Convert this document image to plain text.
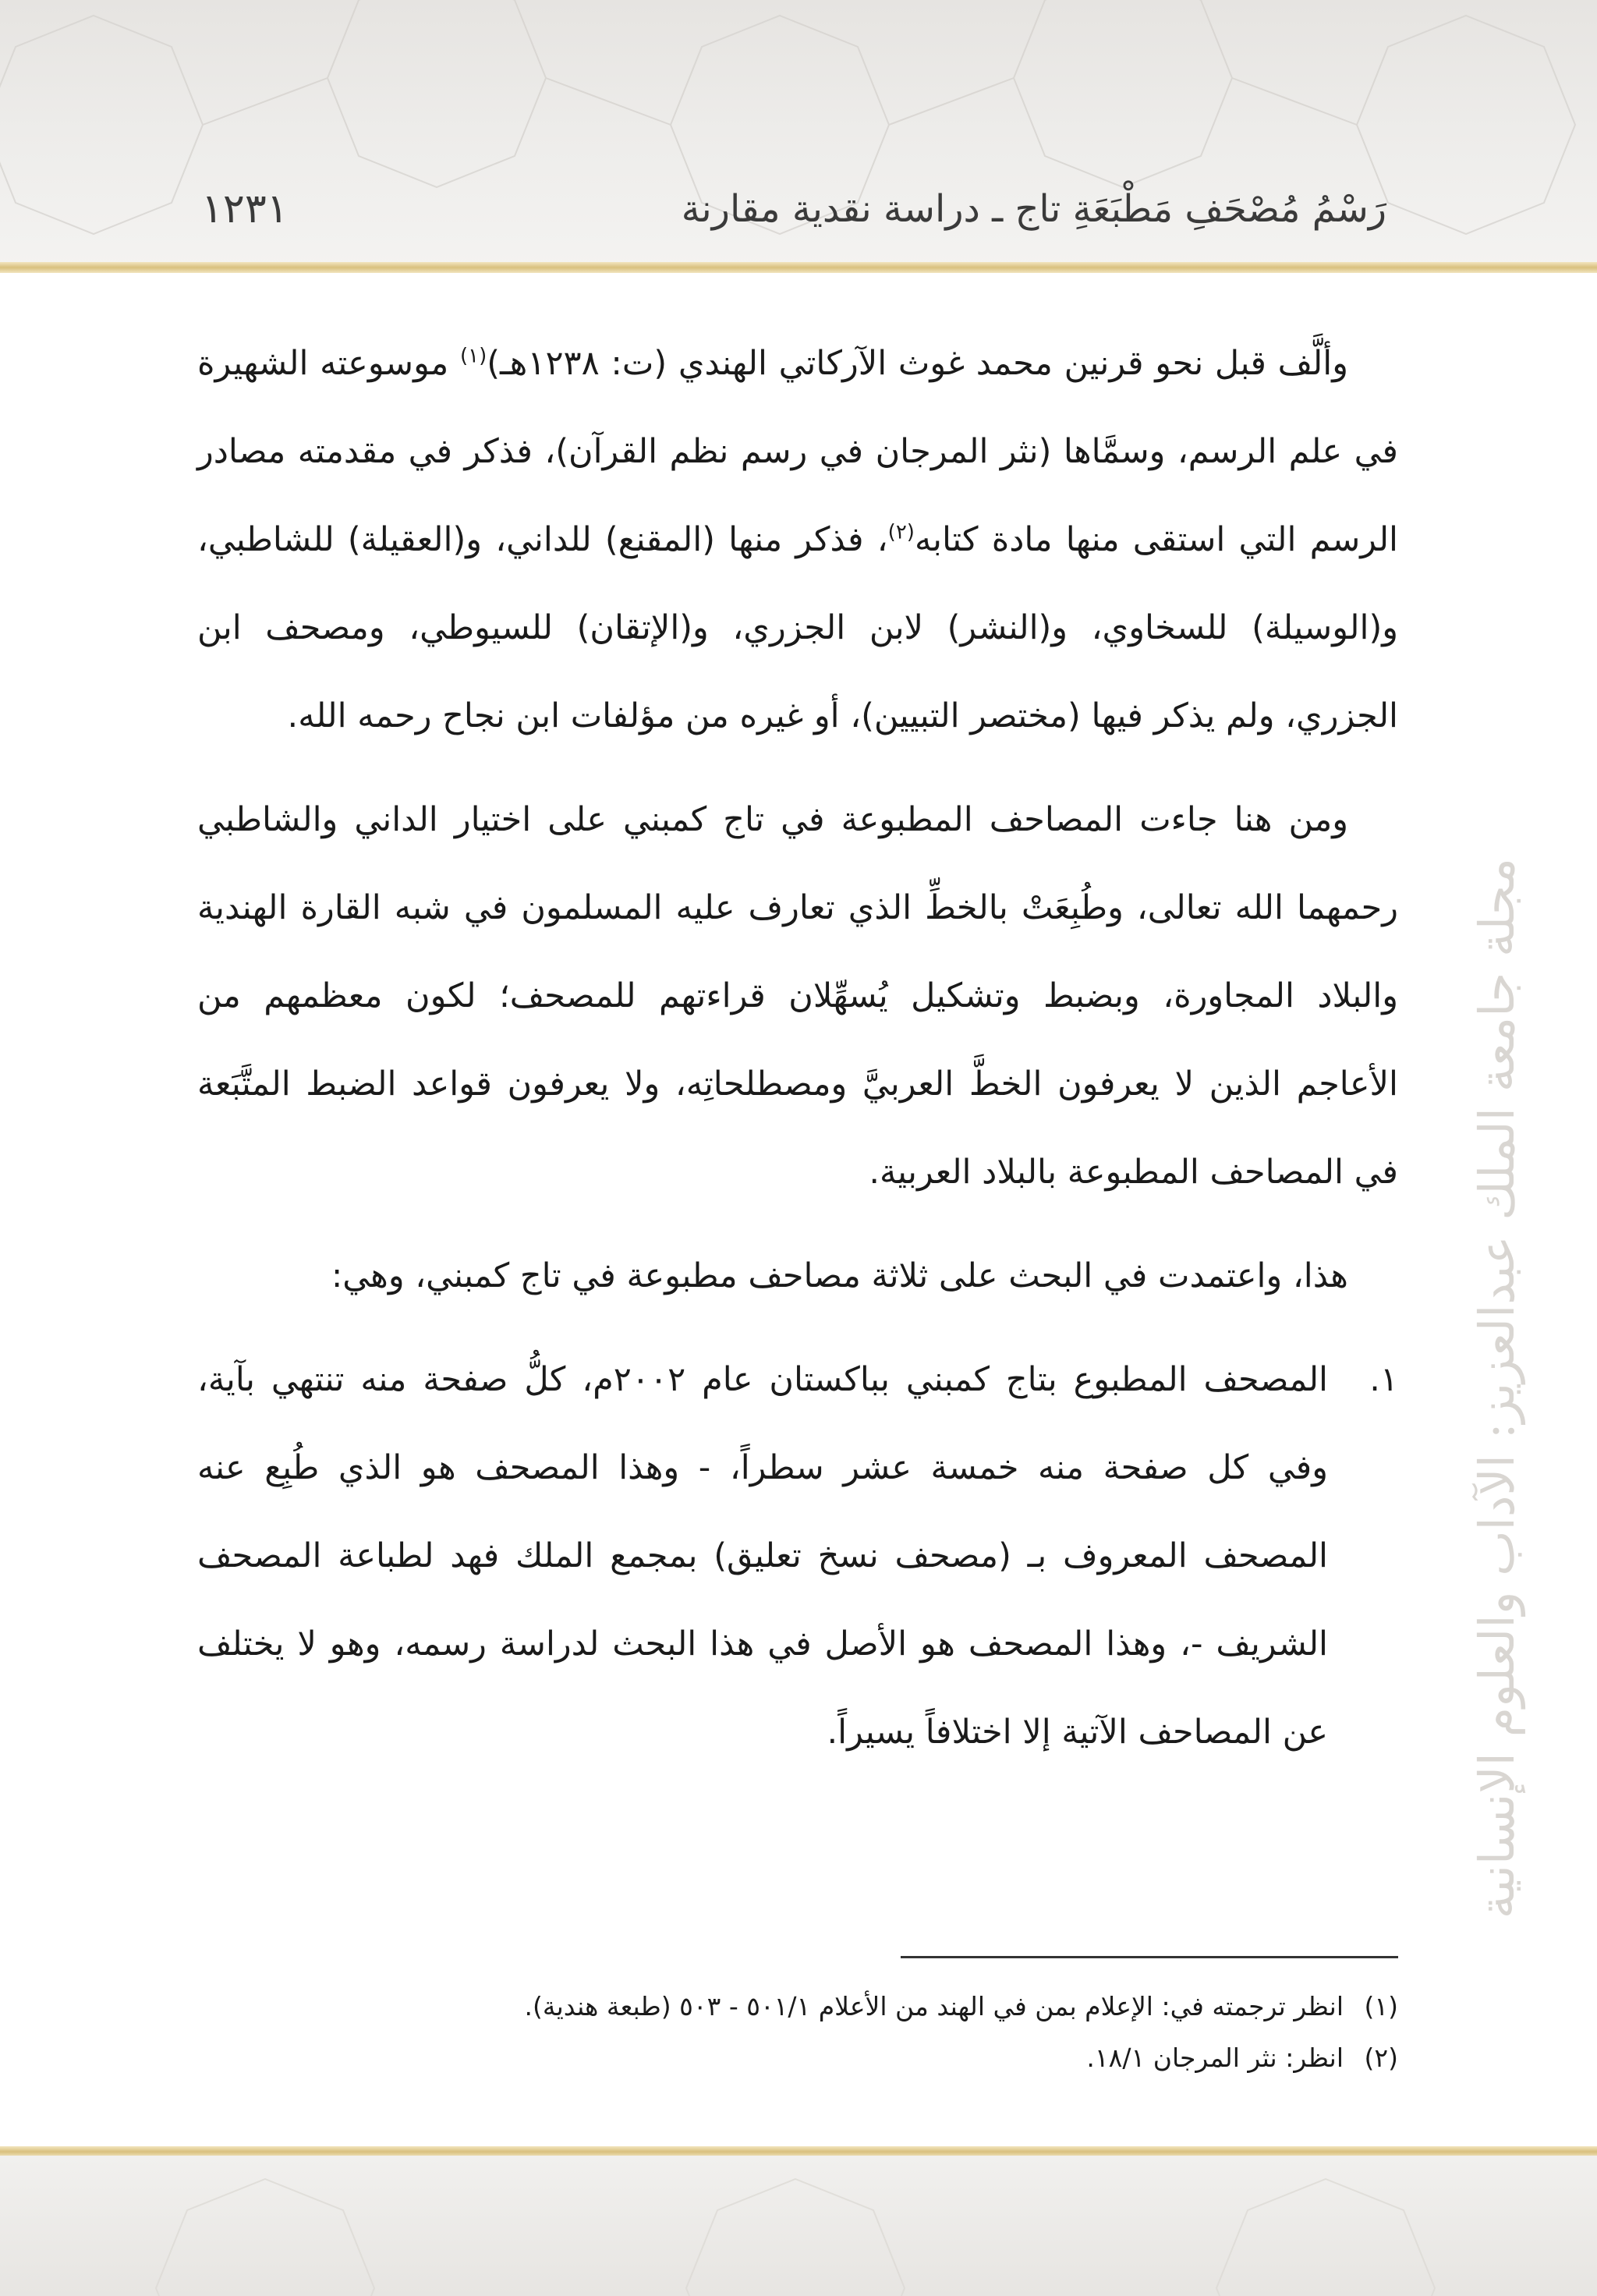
رَسْمُ مُصْحَفِ مَطْبَعَةِ تاج ـ دراسة نقدية مقارنة
١٢٣١
مجلة جامعة الملك عبدالعزيز: الآداب والعلوم الإنسانية

وألَّف قبل نحو قرنين محمد غوث الآركاتي الهندي (ت: ١٢٣٨هـ)$^{(١)}$ موسوعته الشهيرة في علم الرسم، وسمَّاها (نثر المرجان في رسم نظم القرآن)، فذكر في مقدمته مصادر الرسم التي استقى منها مادة كتابه$^{(٢)}$، فذكر منها (المقنع) للداني، و(العقيلة) للشاطبي، و(الوسيلة) للسخاوي، و(النشر) لابن الجزري، و(الإتقان) للسيوطي، ومصحف ابن الجزري، ولم يذكر فيها (مختصر التبيين)، أو غيره من مؤلفات ابن نجاح رحمه الله.

ومن هنا جاءت المصاحف المطبوعة في تاج كمبني على اختيار الداني والشاطبي رحمهما الله تعالى، وطُبِعَتْ بالخطِّ الذي تعارف عليه المسلمون في شبه القارة الهندية والبلاد المجاورة، وبضبط وتشكيل يُسهِّلان قراءتهم للمصحف؛ لكون معظمهم من الأعاجم الذين لا يعرفون الخطَّ العربيَّ ومصطلحاتِه، ولا يعرفون قواعد الضبط المتَّبَعة في المصاحف المطبوعة بالبلاد العربية.

هذا، واعتمدت في البحث على ثلاثة مصاحف مطبوعة في تاج كمبني، وهي:

١.
المصحف المطبوع بتاج كمبني بباكستان عام ٢٠٠٢م، كلُّ صفحة منه تنتهي بآية، وفي كل صفحة منه خمسة عشر سطراً، - وهذا المصحف هو الذي طُبِع عنه المصحف المعروف بـ (مصحف نسخ تعليق) بمجمع الملك فهد لطباعة المصحف الشريف -، وهذا المصحف هو الأصل في هذا البحث لدراسة رسمه، وهو لا يختلف عن المصاحف الآتية إلا اختلافاً يسيراً.

(١)انظر ترجمته في: الإعلام بمن في الهند من الأعلام ٥٠١/١ - ٥٠٣ (طبعة هندية).

(٢)انظر: نثر المرجان ١٨/١.
